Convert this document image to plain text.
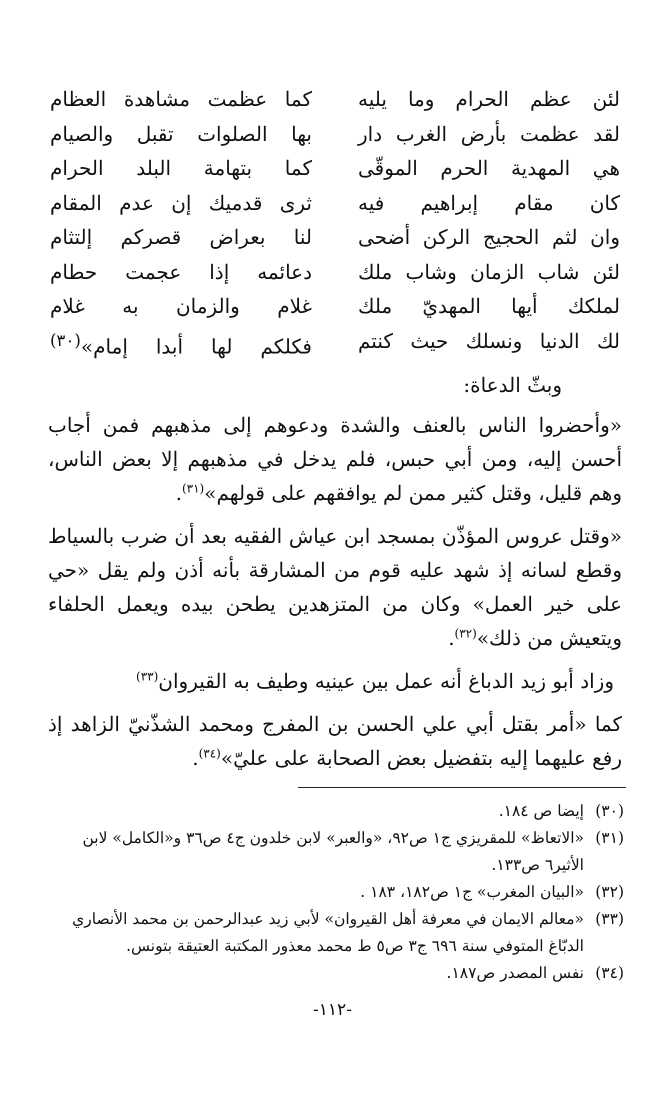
لئن عظم الحرام وما يليه
كما عظمت مشاهدة العظام
لقد عظمت بأرض الغرب دار
بها الصلوات تقبل والصيام
هي المهدية الحرم الموقّى
كما بتهامة البلد الحرام
كان مقام إبراهيم فيه
ثرى قدميك إن عدم المقام
وان لثم الحجيج الركن أضحى
لنا بعراض قصركم إلتثام
لئن شاب الزمان وشاب ملك
دعائمه إذا عجمت حطام
لملكك أيها المهديّ ملك
غلام والزمان به غلام
لك الدنيا ونسلك حيث كنتم
فكلكم لها أبدا إمام»$^{(٣٠)}$

وبثّ الدعاة:

«وأحضروا الناس بالعنف والشدة ودعوهم إلى مذهبهم فمن أجاب أحسن إليه، ومن أبي حبس، فلم يدخل في مذهبهم إلا بعض الناس، وهم قليل، وقتل كثير ممن لم يوافقهم على قولهم»$^{(٣١)}$.

«وقتل عروس المؤذّن بمسجد ابن عياش الفقيه بعد أن ضرب بالسياط وقطع لسانه إذ شهد عليه قوم من المشارقة بأنه أذن ولم يقل «حي على خير العمل» وكان من المتزهدين يطحن بيده ويعمل الحلفاء ويتعيش من ذلك»$^{(٣٢)}$.

وزاد أبو زيد الدباغ أنه عمل بين عينيه وطيف به القيروان$^{(٣٣)}$

كما «أمر بقتل أبي علي الحسن بن المفرج ومحمد الشذّنيّ الزاهد إذ رفع عليهما إليه بتفضيل بعض الصحابة على عليّ»$^{(٣٤)}$.

(٣٠)
إيضا ص ١٨٤.
(٣١)
«الاتعاظ» للمقريزي ج١ ص٩٢، «والعبر» لابن خلدون ج٤ ص٣٦ و«الكامل» لابن الأثير٦ ص١٣٣.
(٣٢)
«البيان المغرب» ج١ ص١٨٢، ١٨٣ .
(٣٣)
«معالم الايمان في معرفة أهل القيروان» لأبي زيد عبدالرحمن بن محمد الأنصاري الدبّاغ المتوفي سنة ٦٩٦ ج٣ ص٥ ط محمد معذور المكتبة العتيقة بتونس.
(٣٤)
نفس المصدر ص١٨٧.
-١١٢-
